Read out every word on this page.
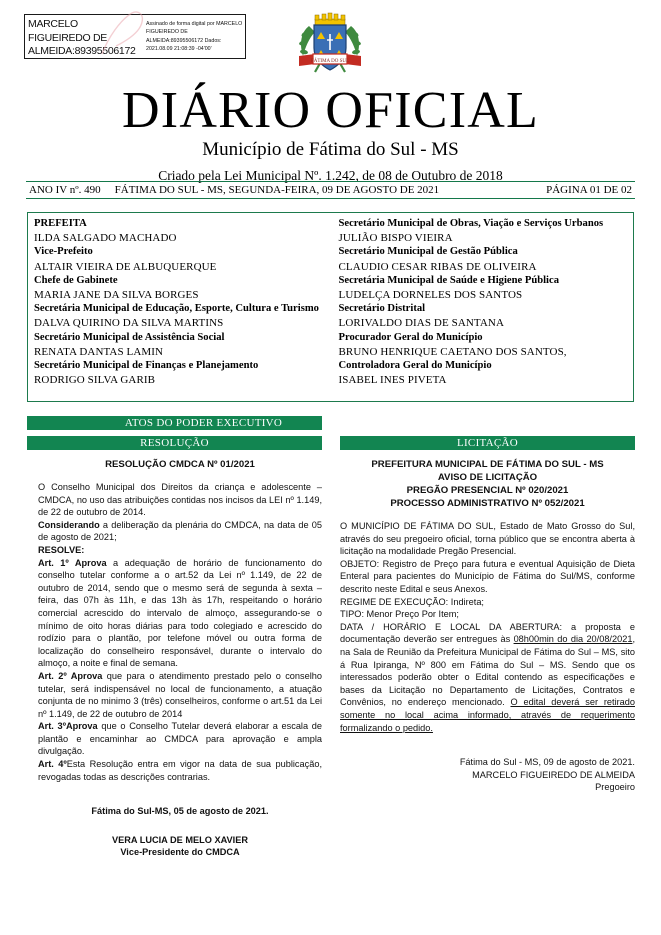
MARCELO FIGUEIREDO DE ALMEIDA:89395506172
Assinado de forma digital por MARCELO FIGUEIREDO DE ALMEIDA:89395506172 Dados: 2021.08.09 21:08:39 -04'00'
FÁTIMA DO SUL
DIÁRIO OFICIAL
Município de Fátima do Sul - MS
Criado pela Lei Municipal Nº. 1.242, de 08 de Outubro de 2018
ANO IV nº. 490	FÁTIMA DO SUL - MS, SEGUNDA-FEIRA, 09 DE AGOSTO DE 2021	PÁGINA 01 DE 02
PREFEITA
ILDA SALGADO MACHADO
Vice-Prefeito
ALTAIR VIEIRA DE ALBUQUERQUE
Chefe de Gabinete
MARIA JANE DA SILVA BORGES
Secretária Municipal de Educação, Esporte, Cultura e Turismo
DALVA QUIRINO DA SILVA MARTINS
Secretário Municipal de Assistência Social
RENATA DANTAS LAMIN
Secretário Municipal de Finanças e Planejamento
RODRIGO SILVA GARIB
Secretário Municipal de Obras, Viação e Serviços Urbanos
JULIÃO BISPO VIEIRA
Secretário Municipal de Gestão Pública
CLAUDIO CESAR RIBAS DE OLIVEIRA
Secretária Municipal de Saúde e Higiene Pública
LUDELÇA DORNELES DOS SANTOS
Secretário Distrital
LORIVALDO DIAS DE SANTANA
Procurador Geral do Município
BRUNO HENRIQUE CAETANO DOS SANTOS,
Controladora Geral do Município
ISABEL INES PIVETA
ATOS DO PODER EXECUTIVO
RESOLUÇÃO	LICITAÇÃO
RESOLUÇÃO CMDCA Nº 01/2021
O Conselho Municipal dos Direitos da criança e adolescente – CMDCA, no uso das atribuições contidas nos incisos da LEI nº 1.149, de 22 de outubro de 2014.
Considerando a deliberação da plenária do CMDCA, na data de 05 de agosto de 2021;
RESOLVE:
Art. 1º Aprova a adequação de horário de funcionamento do conselho tutelar conforme a o art.52 da Lei nº 1.149, de 22 de outubro de 2014, sendo que o mesmo será de segunda à sexta –feira, das 07h às 11h, e das 13h às 17h, respeitando o horário comercial acrescido do intervalo de almoço, assegurando-se o mínimo de oito horas diárias para todo colegiado e acrescido do rodízio para o plantão, por telefone móvel ou outra forma de localização do conselheiro responsável, durante o intervalo do almoço, a noite e final de semana.
Art. 2º Aprova que para o atendimento prestado pelo o conselho tutelar, será indispensável no local de funcionamento, a atuação conjunta de no minimo 3 (três) conselheiros, conforme o art.51 da Lei nº 1.149, de 22 de outubro de 2014
Art. 3ºAprova que o Conselho Tutelar deverá elaborar a escala de plantão e encaminhar ao CMDCA para aprovação e ampla divulgação.
Art. 4ºEsta Resolução entra em vigor na data de sua publicação, revogadas todas as descrições contrarias.
Fátima do Sul-MS, 05 de agosto de 2021.
VERA LUCIA DE MELO XAVIER
Vice-Presidente do CMDCA
PREFEITURA MUNICIPAL DE FÁTIMA DO SUL - MS
AVISO DE LICITAÇÃO
PREGÃO PRESENCIAL Nº 020/2021
PROCESSO ADMINISTRATIVO Nº 052/2021
O MUNICÍPIO DE FÁTIMA DO SUL, Estado de Mato Grosso do Sul, através do seu pregoeiro oficial, torna público que se encontra aberta à licitação na modalidade Pregão Presencial.
OBJETO: Registro de Preço para futura e eventual Aquisição de Dieta Enteral para pacientes do Município de Fátima do Sul/MS, conforme descrito neste Edital e seus Anexos.
REGIME DE EXECUÇÃO: Indireta;
TIPO: Menor Preço Por Item;
DATA / HORÁRIO E LOCAL DA ABERTURA: a proposta e documentação deverão ser entregues às 08h00min do dia 20/08/2021, na Sala de Reunião da Prefeitura Municipal de Fátima do Sul – MS, sito á Rua Ipiranga, Nº 800 em Fátima do Sul – MS. Sendo que os interessados poderão obter o Edital contendo as especificações e bases da Licitação no Departamento de Licitações, Contratos e Convênios, no endereço mencionado. O edital deverá ser retirado somente no local acima informado, através de requerimento formalizando o pedido.
Fátima do Sul - MS, 09 de agosto de 2021.
MARCELO FIGUEIREDO DE ALMEIDA
Pregoeiro
